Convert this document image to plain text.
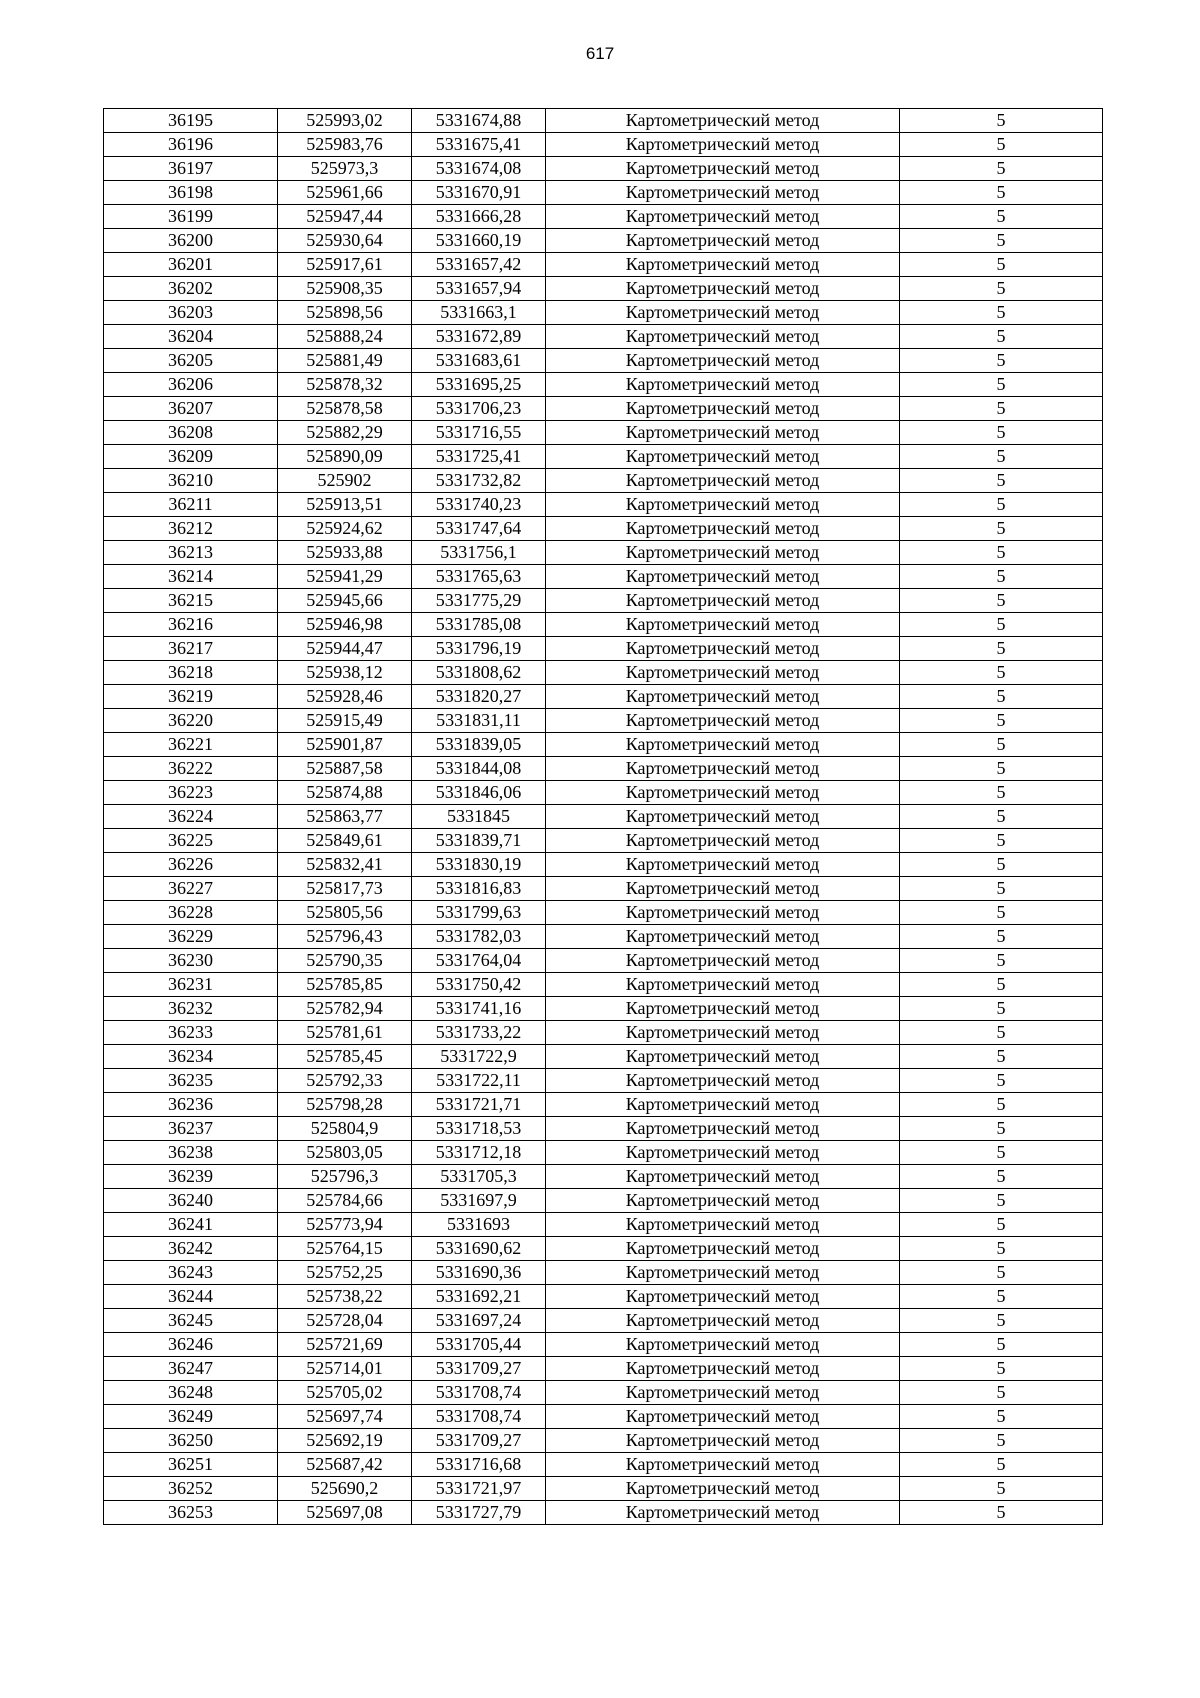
617
36195	525993,02	5331674,88	Картометрический метод	5
36196	525983,76	5331675,41	Картометрический метод	5
36197	525973,3	5331674,08	Картометрический метод	5
36198	525961,66	5331670,91	Картометрический метод	5
36199	525947,44	5331666,28	Картометрический метод	5
36200	525930,64	5331660,19	Картометрический метод	5
36201	525917,61	5331657,42	Картометрический метод	5
36202	525908,35	5331657,94	Картометрический метод	5
36203	525898,56	5331663,1	Картометрический метод	5
36204	525888,24	5331672,89	Картометрический метод	5
36205	525881,49	5331683,61	Картометрический метод	5
36206	525878,32	5331695,25	Картометрический метод	5
36207	525878,58	5331706,23	Картометрический метод	5
36208	525882,29	5331716,55	Картометрический метод	5
36209	525890,09	5331725,41	Картометрический метод	5
36210	525902	5331732,82	Картометрический метод	5
36211	525913,51	5331740,23	Картометрический метод	5
36212	525924,62	5331747,64	Картометрический метод	5
36213	525933,88	5331756,1	Картометрический метод	5
36214	525941,29	5331765,63	Картометрический метод	5
36215	525945,66	5331775,29	Картометрический метод	5
36216	525946,98	5331785,08	Картометрический метод	5
36217	525944,47	5331796,19	Картометрический метод	5
36218	525938,12	5331808,62	Картометрический метод	5
36219	525928,46	5331820,27	Картометрический метод	5
36220	525915,49	5331831,11	Картометрический метод	5
36221	525901,87	5331839,05	Картометрический метод	5
36222	525887,58	5331844,08	Картометрический метод	5
36223	525874,88	5331846,06	Картометрический метод	5
36224	525863,77	5331845	Картометрический метод	5
36225	525849,61	5331839,71	Картометрический метод	5
36226	525832,41	5331830,19	Картометрический метод	5
36227	525817,73	5331816,83	Картометрический метод	5
36228	525805,56	5331799,63	Картометрический метод	5
36229	525796,43	5331782,03	Картометрический метод	5
36230	525790,35	5331764,04	Картометрический метод	5
36231	525785,85	5331750,42	Картометрический метод	5
36232	525782,94	5331741,16	Картометрический метод	5
36233	525781,61	5331733,22	Картометрический метод	5
36234	525785,45	5331722,9	Картометрический метод	5
36235	525792,33	5331722,11	Картометрический метод	5
36236	525798,28	5331721,71	Картометрический метод	5
36237	525804,9	5331718,53	Картометрический метод	5
36238	525803,05	5331712,18	Картометрический метод	5
36239	525796,3	5331705,3	Картометрический метод	5
36240	525784,66	5331697,9	Картометрический метод	5
36241	525773,94	5331693	Картометрический метод	5
36242	525764,15	5331690,62	Картометрический метод	5
36243	525752,25	5331690,36	Картометрический метод	5
36244	525738,22	5331692,21	Картометрический метод	5
36245	525728,04	5331697,24	Картометрический метод	5
36246	525721,69	5331705,44	Картометрический метод	5
36247	525714,01	5331709,27	Картометрический метод	5
36248	525705,02	5331708,74	Картометрический метод	5
36249	525697,74	5331708,74	Картометрический метод	5
36250	525692,19	5331709,27	Картометрический метод	5
36251	525687,42	5331716,68	Картометрический метод	5
36252	525690,2	5331721,97	Картометрический метод	5
36253	525697,08	5331727,79	Картометрический метод	5
